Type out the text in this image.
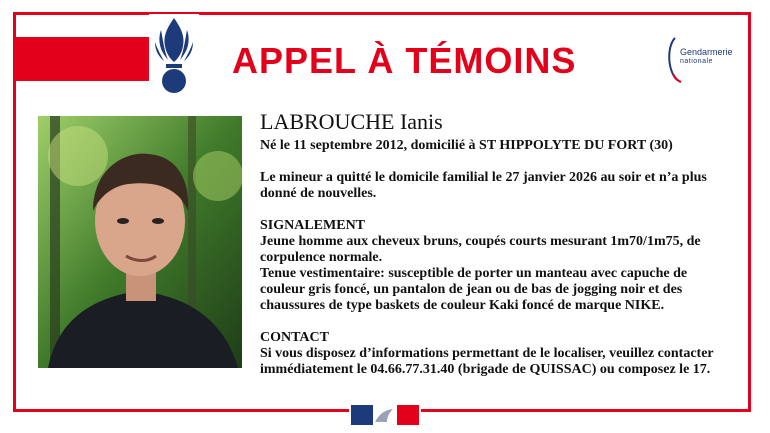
APPEL À TÉMOINS	Gendarmerie
nationale
LABROUCHE Ianis

Né le 11 septembre 2012, domicilié à ST HIPPOLYTE DU FORT (30)

Le mineur a quitté le domicile familial le 27 janvier 2026 au soir et n’a plus donné de nouvelles.

SIGNALEMENT

Jeune homme aux cheveux bruns, coupés courts mesurant 1m70/1m75, de corpulence normale.

Tenue vestimentaire: susceptible de porter un manteau avec capuche de couleur gris foncé, un pantalon de jean ou de bas de jogging noir et des chaussures de type baskets de couleur Kaki foncé de marque NIKE.

CONTACT

Si vous disposez d’informations permettant de le localiser, veuillez contacter immédiatement le 04.66.77.31.40 (brigade de QUISSAC) ou composez le 17.
